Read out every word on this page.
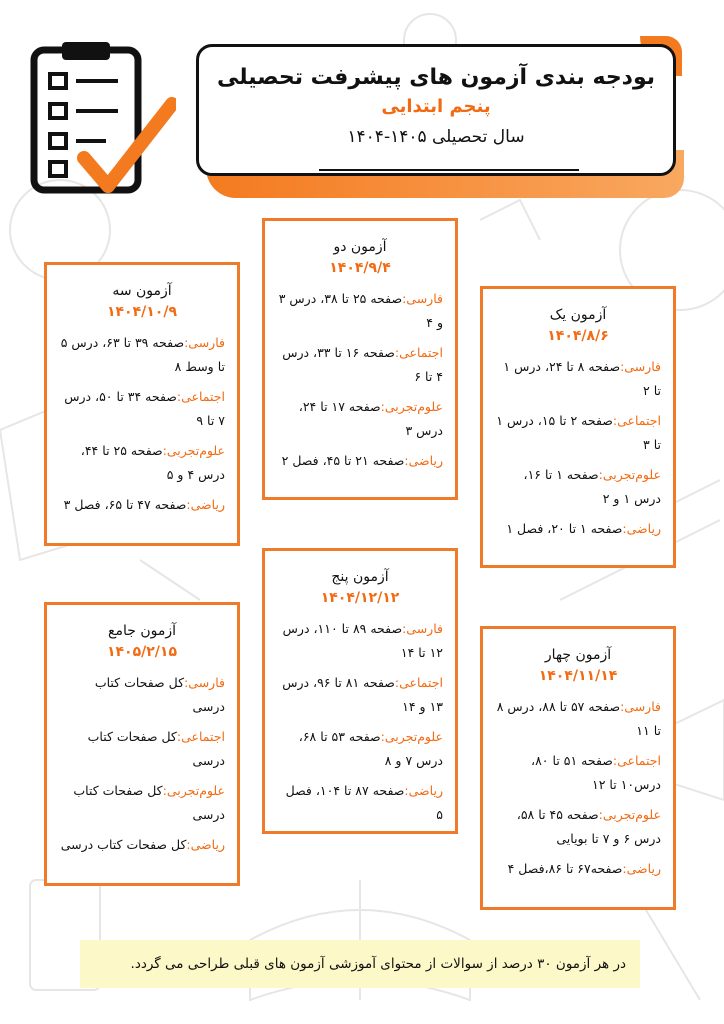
بودجه بندی آزمون های پیشرفت تحصیلی
پنجم ابتدایی
سال تحصیلی ۱۴۰۵-۱۴۰۴
آزمون یک
۱۴۰۴/۸/۶
فارسی:صفحه ۸ تا ۲۴، درس ۱ تا ۲
اجتماعی:صفحه ۲ تا ۱۵، درس ۱ تا ۳
علوم‌تجربی:صفحه ۱ تا ۱۶، درس ۱ و ۲
ریاضی:صفحه ۱ تا ۲۰، فصل ۱
آزمون دو
۱۴۰۴/۹/۴
فارسی:صفحه ۲۵ تا ۳۸، درس ۳ و ۴
اجتماعی:صفحه ۱۶ تا ۳۳، درس ۴ تا ۶
علوم‌تجربی:صفحه ۱۷ تا ۲۴، درس ۳
ریاضی:صفحه ۲۱ تا ۴۵، فصل ۲
آزمون سه
۱۴۰۴/۱۰/۹
فارسی:صفحه ۳۹ تا ۶۳، درس ۵ تا وسط ۸
اجتماعی:صفحه ۳۴ تا ۵۰، درس ۷ تا ۹
علوم‌تجربی:صفحه ۲۵ تا ۴۴، درس ۴ و ۵
ریاضی:صفحه ۴۷ تا ۶۵، فصل ۳
آزمون چهار
۱۴۰۴/۱۱/۱۴
فارسی:صفحه ۵۷ تا ۸۸، درس ۸ تا ۱۱
اجتماعی:صفحه ۵۱ تا ۸۰، درس۱۰ تا ۱۲
علوم‌تجربی:صفحه ۴۵ تا ۵۸، درس ۶ و ۷ تا بویایی
ریاضی:صفحه۶۷ تا ۸۶،فصل ۴
آزمون پنج
۱۴۰۴/۱۲/۱۲
فارسی:صفحه ۸۹ تا ۱۱۰، درس ۱۲ تا ۱۴
اجتماعی:صفحه ۸۱ تا ۹۶، درس ۱۳ و ۱۴
علوم‌تجربی:صفحه ۵۳ تا ۶۸، درس ۷ و ۸
ریاضی:صفحه ۸۷ تا ۱۰۴، فصل ۵
آزمون جامع
۱۴۰۵/۲/۱۵
فارسی:کل صفحات کتاب درسی
اجتماعی:کل صفحات کتاب درسی
علوم‌تجربی:کل صفحات کتاب درسی
ریاضی:کل صفحات کتاب درسی
در هر آزمون ۳۰ درصد از سوالات از محتوای آموزشی آزمون های قبلی طراحی می گردد.
